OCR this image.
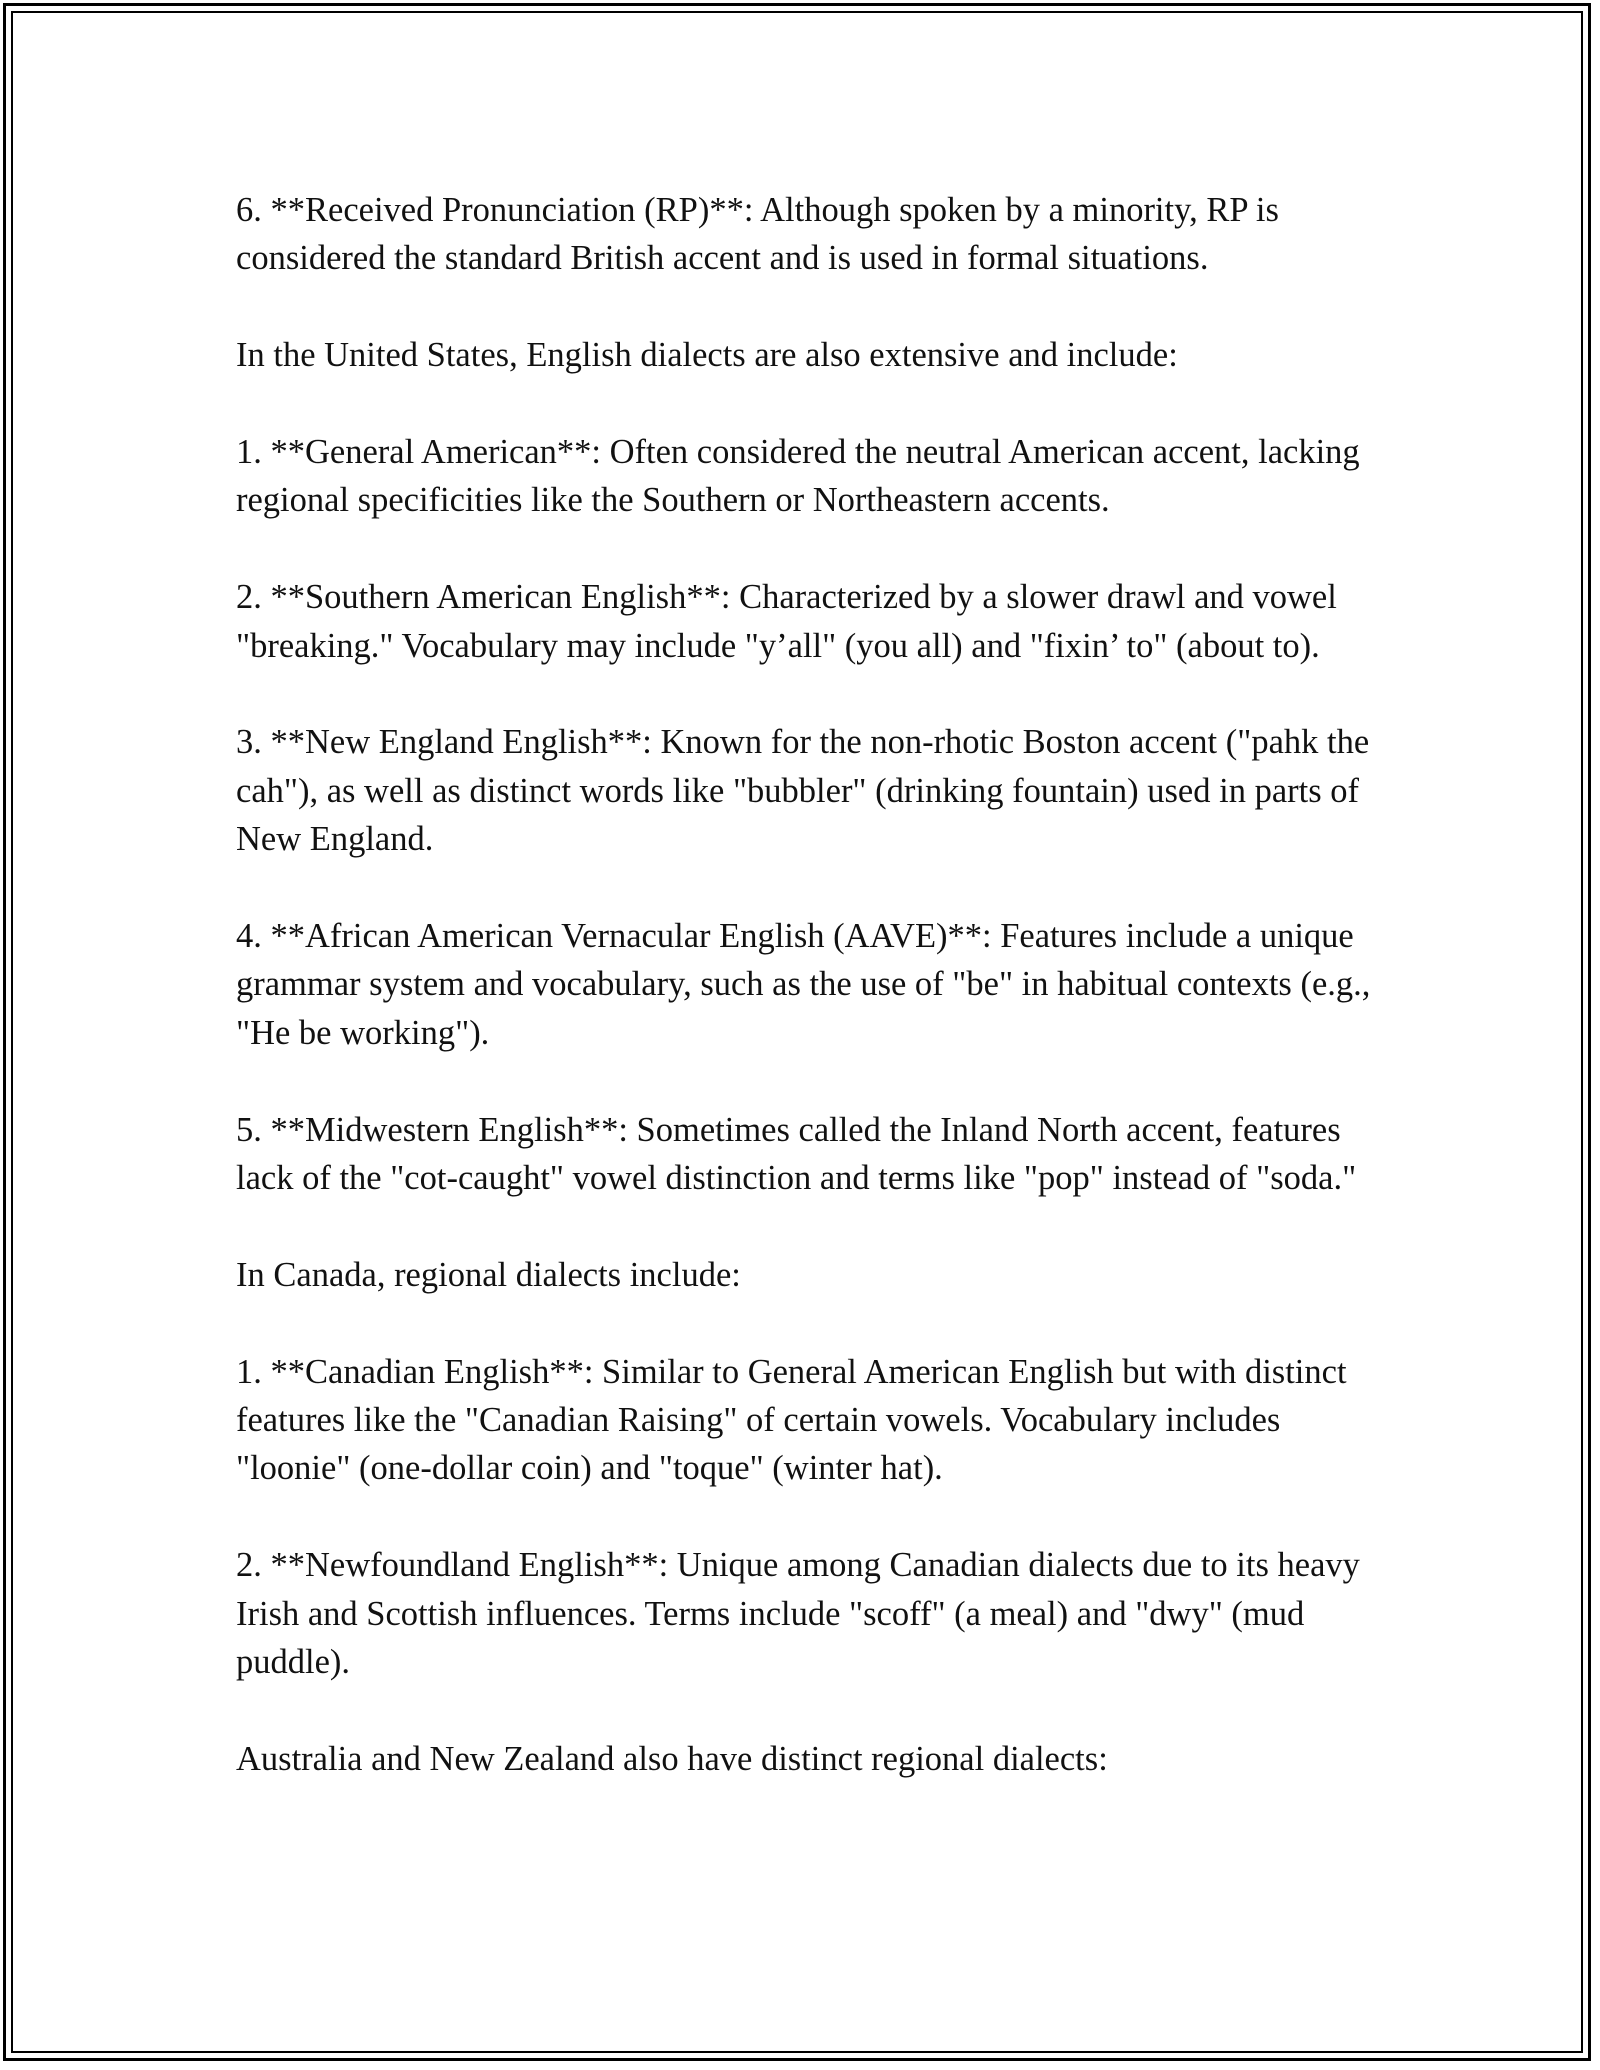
6. **Received Pronunciation (RP)**: Although spoken by a minority, RP is considered the standard British accent and is used in formal situations.

In the United States, English dialects are also extensive and include:

1. **General American**: Often considered the neutral American accent, lacking regional specificities like the Southern or Northeastern accents.

2. **Southern American English**: Characterized by a slower drawl and vowel "breaking." Vocabulary may include "y’all" (you all) and "fixin’ to" (about to).

3. **New England English**: Known for the non-rhotic Boston accent ("pahk the cah"), as well as distinct words like "bubbler" (drinking fountain) used in parts of New England.

4. **African American Vernacular English (AAVE)**: Features include a unique grammar system and vocabulary, such as the use of "be" in habitual contexts (e.g., "He be working").

5. **Midwestern English**: Sometimes called the Inland North accent, features lack of the "cot-caught" vowel distinction and terms like "pop" instead of "soda."

In Canada, regional dialects include:

1. **Canadian English**: Similar to General American English but with distinct features like the "Canadian Raising" of certain vowels. Vocabulary includes "loonie" (one-dollar coin) and "toque" (winter hat).

2. **Newfoundland English**: Unique among Canadian dialects due to its heavy Irish and Scottish influences. Terms include "scoff" (a meal) and "dwy" (mud puddle).

Australia and New Zealand also have distinct regional dialects:
